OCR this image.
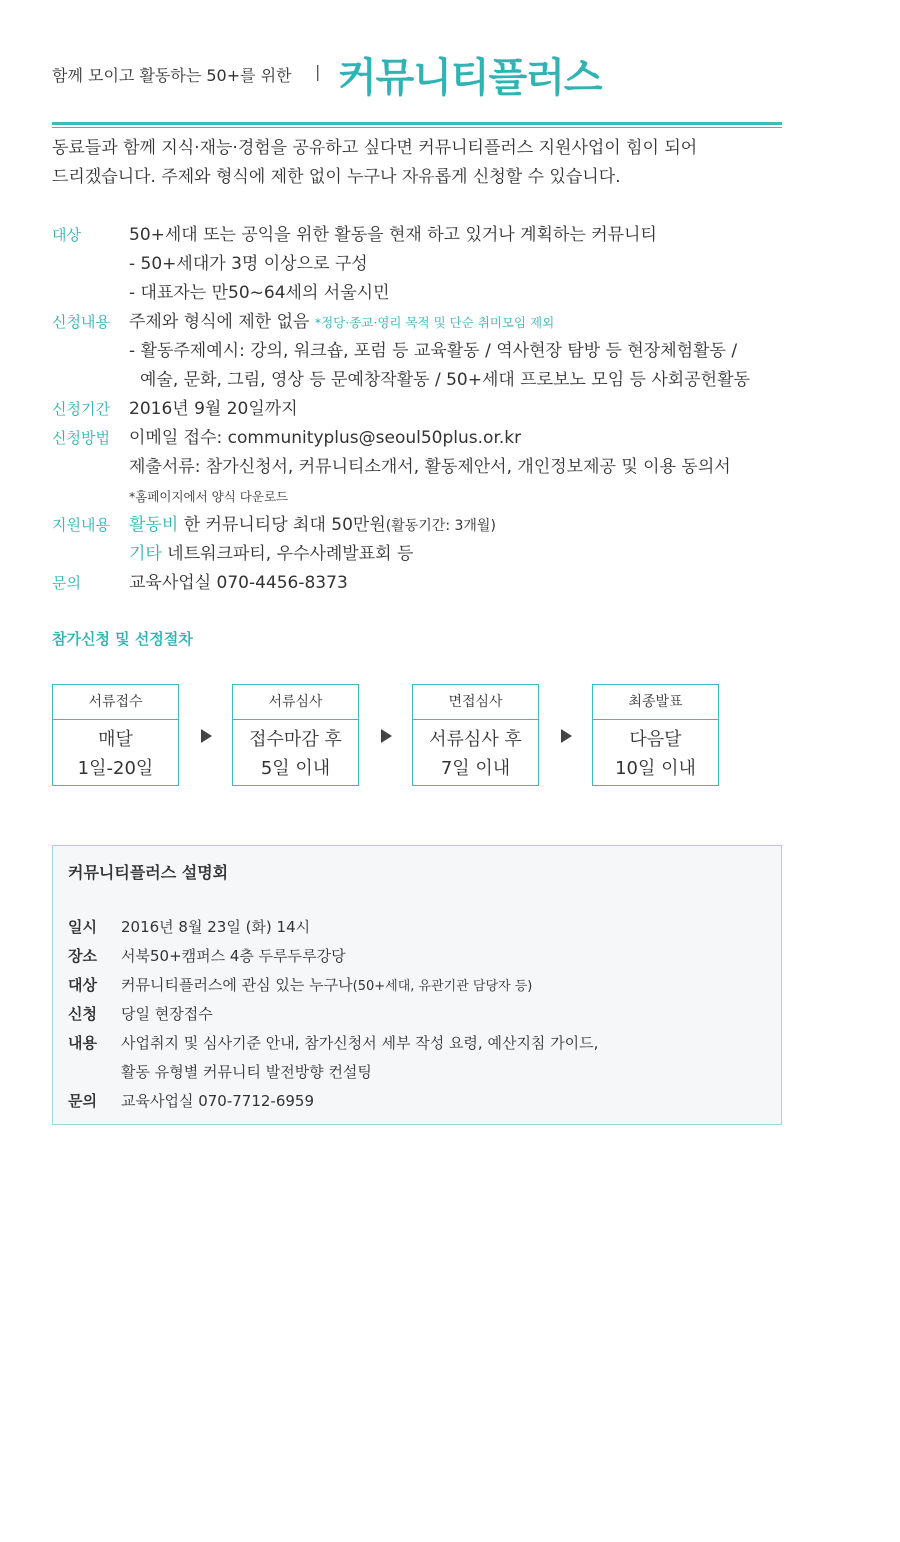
함께 모이고 활동하는 50+를 위한 | 커뮤니티플러스
동료들과 함께 지식·재능·경험을 공유하고 싶다면 커뮤니티플러스 지원사업이 힘이 되어
드리겠습니다. 주제와 형식에 제한 없이 누구나 자유롭게 신청할 수 있습니다.
대상	50+세대 또는 공익을 위한 활동을 현재 하고 있거나 계획하는 커뮤니티
- 50+세대가 3명 이상으로 구성
- 대표자는 만50~64세의 서울시민
신청내용 주제와 형식에 제한 없음 *정당·종교·영리 목적 및 단순 취미모임 제외
- 활동주제예시: 강의, 워크숍, 포럼 등 교육활동 / 역사현장 탐방 등 현장체험활동 /
예술, 문화, 그림, 영상 등 문예창작활동 / 50+세대 프로보노 모임 등 사회공헌활동
신청기간 2016년 9월 20일까지
신청방법 이메일 접수: communityplus@seoul50plus.or.kr
제출서류: 참가신청서, 커뮤니티소개서, 활동제안서, 개인정보제공 및 이용 동의서
*홈페이지에서 양식 다운로드
지원내용 활동비 한 커뮤니티당 최대 50만원(활동기간: 3개월)
기타 네트워크파티, 우수사례발표회 등
문의	교육사업실 070-4456-8373
참가신청 및 선정절차
서류접수
매달
1일-20일
서류심사
접수마감 후
5일 이내
면접심사
서류심사 후
7일 이내
최종발표
다음달
10일 이내
커뮤니티플러스 설명회
일시 2016년 8월 23일 (화) 14시
장소 서북50+캠퍼스 4층 두루두루강당
대상 커뮤니티플러스에 관심 있는 누구나(50+세대, 유관기관 담당자 등)
신청 당일 현장접수
내용 사업취지 및 심사기준 안내, 참가신청서 세부 작성 요령, 예산지침 가이드,
활동 유형별 커뮤니티 발전방향 컨설팅
문의 교육사업실 070-7712-6959
